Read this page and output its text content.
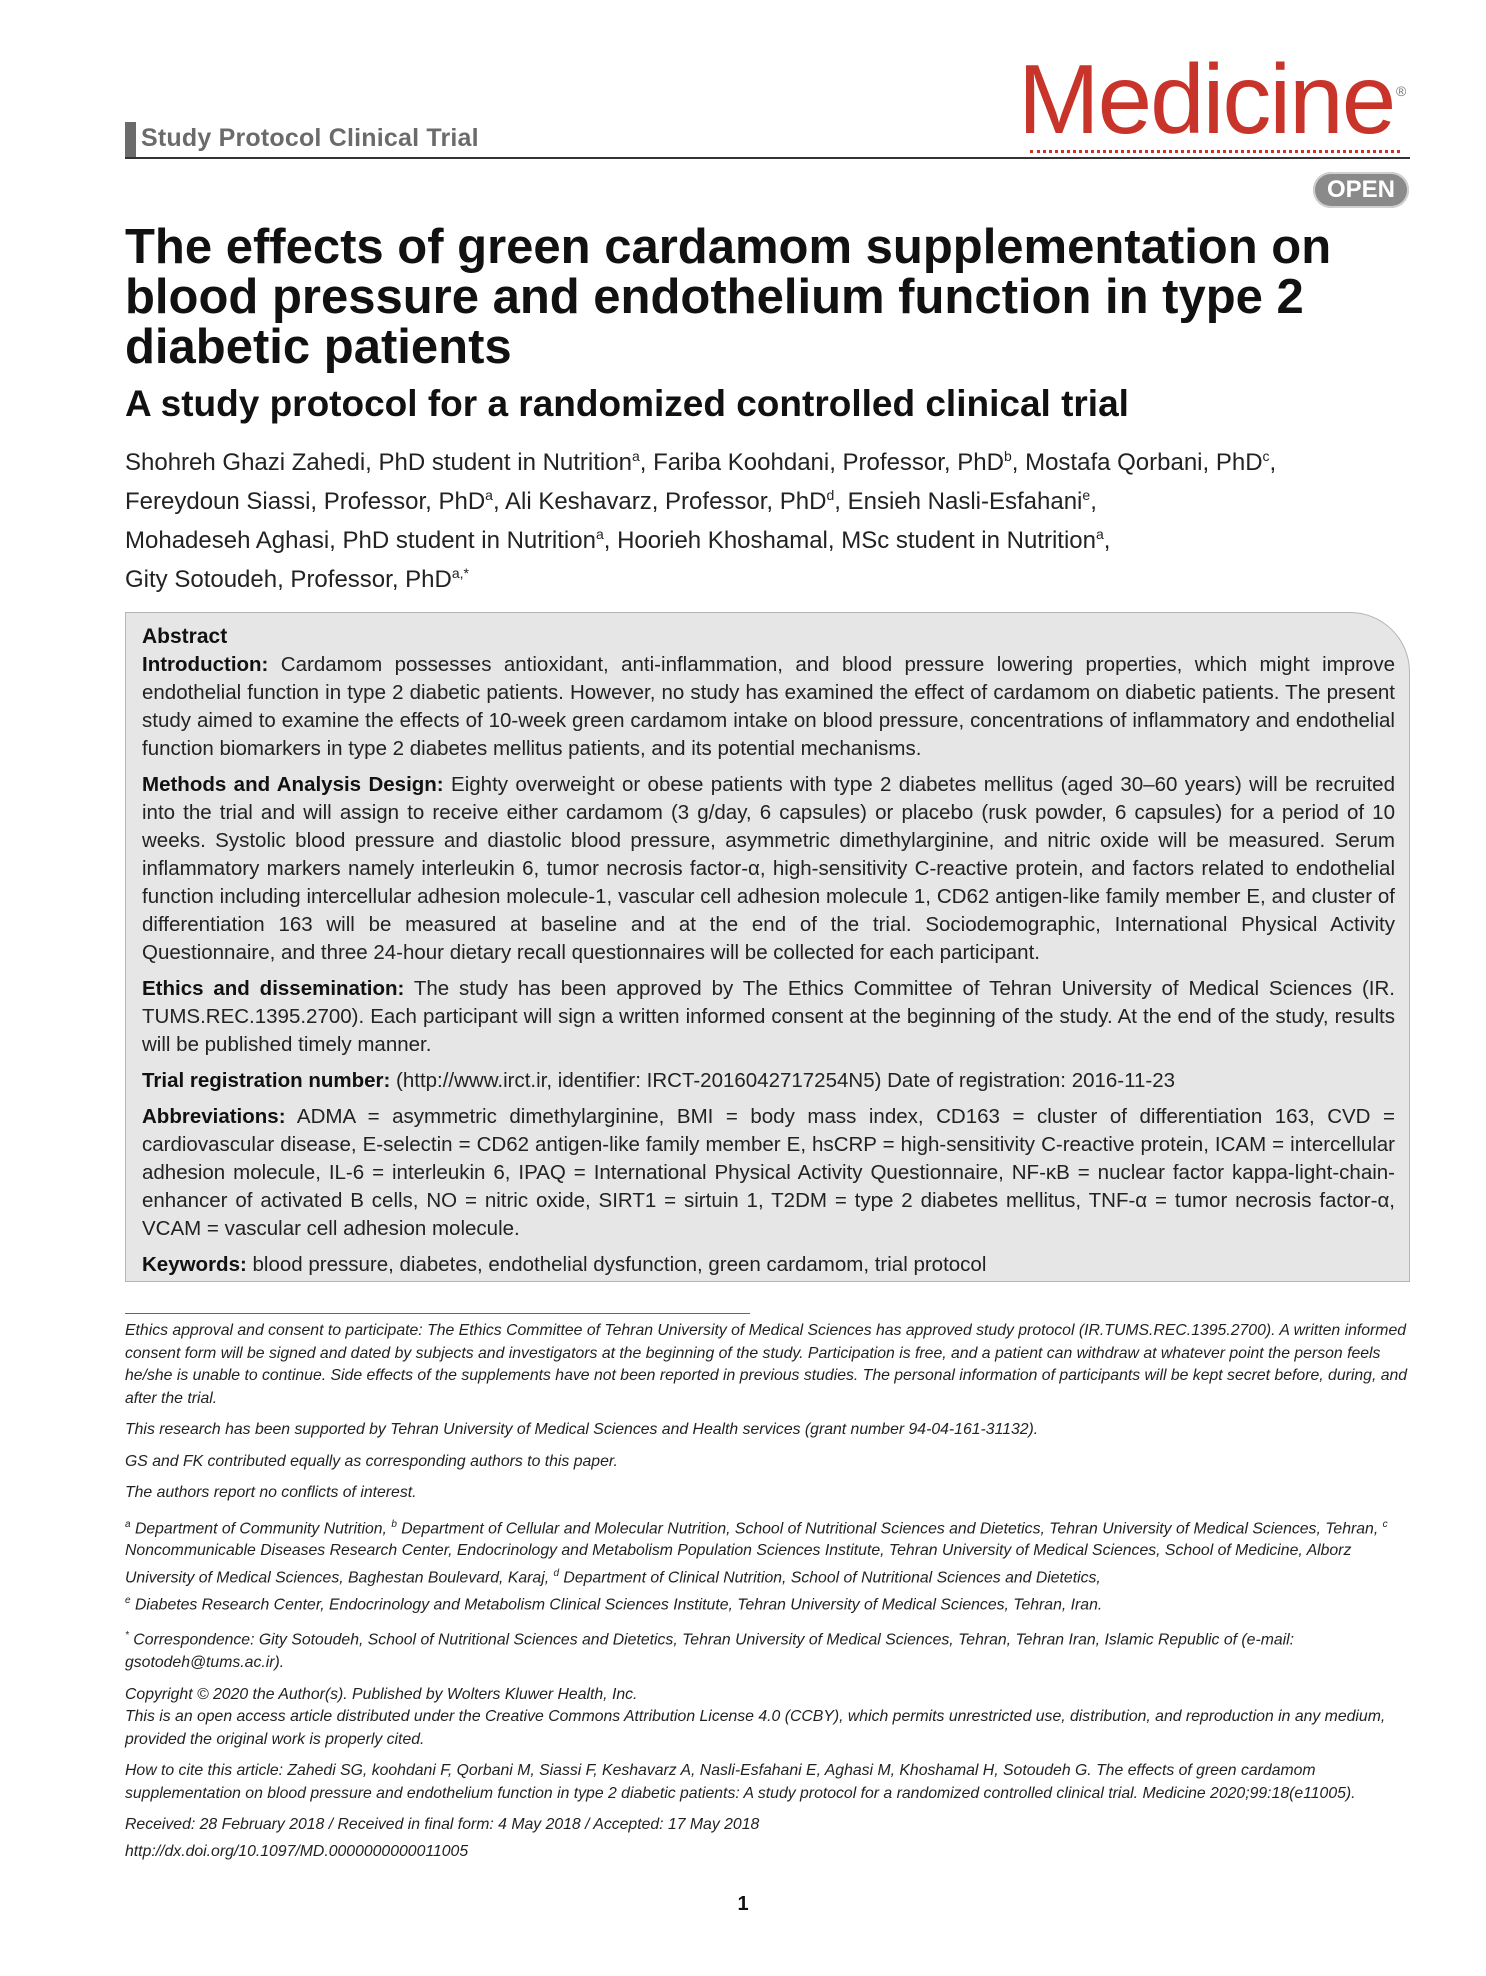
Study Protocol Clinical Trial	Medicine ®
OPEN
The effects of green cardamom supplementation on blood pressure and endothelium function in type 2 diabetic patients
A study protocol for a randomized controlled clinical trial
Shohreh Ghazi Zahedi, PhD student in Nutrition$^a$, Fariba Koohdani, Professor, PhD$^b$, Mostafa Qorbani, PhD$^c$,
Fereydoun Siassi, Professor, PhD$^a$, Ali Keshavarz, Professor, PhD$^d$, Ensieh Nasli-Esfahani$^e$,
Mohadeseh Aghasi, PhD student in Nutrition$^a$, Hoorieh Khoshamal, MSc student in Nutrition$^a$,
Gity Sotoudeh, Professor, PhD$^{a,*}$
Abstract

Introduction: Cardamom possesses antioxidant, anti-inflammation, and blood pressure lowering properties, which might improve endothelial function in type 2 diabetic patients. However, no study has examined the effect of cardamom on diabetic patients. The present study aimed to examine the effects of 10-week green cardamom intake on blood pressure, concentrations of inflammatory and endothelial function biomarkers in type 2 diabetes mellitus patients, and its potential mechanisms.

Methods and Analysis Design: Eighty overweight or obese patients with type 2 diabetes mellitus (aged 30–60 years) will be recruited into the trial and will assign to receive either cardamom (3 g/day, 6 capsules) or placebo (rusk powder, 6 capsules) for a period of 10 weeks. Systolic blood pressure and diastolic blood pressure, asymmetric dimethylarginine, and nitric oxide will be measured. Serum inflammatory markers namely interleukin 6, tumor necrosis factor-α, high-sensitivity C-reactive protein, and factors related to endothelial function including intercellular adhesion molecule-1, vascular cell adhesion molecule 1, CD62 antigen-like family member E, and cluster of differentiation 163 will be measured at baseline and at the end of the trial. Sociodemographic, International Physical Activity Questionnaire, and three 24-hour dietary recall questionnaires will be collected for each participant.

Ethics and dissemination: The study has been approved by The Ethics Committee of Tehran University of Medical Sciences (IR. TUMS.REC.1395.2700). Each participant will sign a written informed consent at the beginning of the study. At the end of the study, results will be published timely manner.

Trial registration number: (http://www.irct.ir, identifier: IRCT-2016042717254N5) Date of registration: 2016-11-23

Abbreviations: ADMA = asymmetric dimethylarginine, BMI = body mass index, CD163 = cluster of differentiation 163, CVD = cardiovascular disease, E-selectin = CD62 antigen-like family member E, hsCRP = high-sensitivity C-reactive protein, ICAM = intercellular adhesion molecule, IL-6 = interleukin 6, IPAQ = International Physical Activity Questionnaire, NF-κB = nuclear factor kappa-light-chain-enhancer of activated B cells, NO = nitric oxide, SIRT1 = sirtuin 1, T2DM = type 2 diabetes mellitus, TNF-α = tumor necrosis factor-α, VCAM = vascular cell adhesion molecule.

Keywords: blood pressure, diabetes, endothelial dysfunction, green cardamom, trial protocol

Ethics approval and consent to participate: The Ethics Committee of Tehran University of Medical Sciences has approved study protocol (IR.TUMS.REC.1395.2700). A written informed consent form will be signed and dated by subjects and investigators at the beginning of the study. Participation is free, and a patient can withdraw at whatever point the person feels he/she is unable to continue. Side effects of the supplements have not been reported in previous studies. The personal information of participants will be kept secret before, during, and after the trial.

This research has been supported by Tehran University of Medical Sciences and Health services (grant number 94-04-161-31132).

GS and FK contributed equally as corresponding authors to this paper.

The authors report no conflicts of interest.

$^a$ Department of Community Nutrition, $^b$ Department of Cellular and Molecular Nutrition, School of Nutritional Sciences and Dietetics, Tehran University of Medical Sciences, Tehran, $^c$ Noncommunicable Diseases Research Center, Endocrinology and Metabolism Population Sciences Institute, Tehran University of Medical Sciences, School of Medicine, Alborz University of Medical Sciences, Baghestan Boulevard, Karaj, $^d$ Department of Clinical Nutrition, School of Nutritional Sciences and Dietetics,
$^e$ Diabetes Research Center, Endocrinology and Metabolism Clinical Sciences Institute, Tehran University of Medical Sciences, Tehran, Iran.

* Correspondence: Gity Sotoudeh, School of Nutritional Sciences and Dietetics, Tehran University of Medical Sciences, Tehran, Tehran Iran, Islamic Republic of (e-mail: gsotodeh@tums.ac.ir).

Copyright © 2020 the Author(s). Published by Wolters Kluwer Health, Inc.
This is an open access article distributed under the Creative Commons Attribution License 4.0 (CCBY), which permits unrestricted use, distribution, and reproduction in any medium, provided the original work is properly cited.

How to cite this article: Zahedi SG, koohdani F, Qorbani M, Siassi F, Keshavarz A, Nasli-Esfahani E, Aghasi M, Khoshamal H, Sotoudeh G. The effects of green cardamom supplementation on blood pressure and endothelium function in type 2 diabetic patients: A study protocol for a randomized controlled clinical trial. Medicine 2020;99:18(e11005).

Received: 28 February 2018 / Received in final form: 4 May 2018 / Accepted: 17 May 2018

http://dx.doi.org/10.1097/MD.0000000000011005

1
